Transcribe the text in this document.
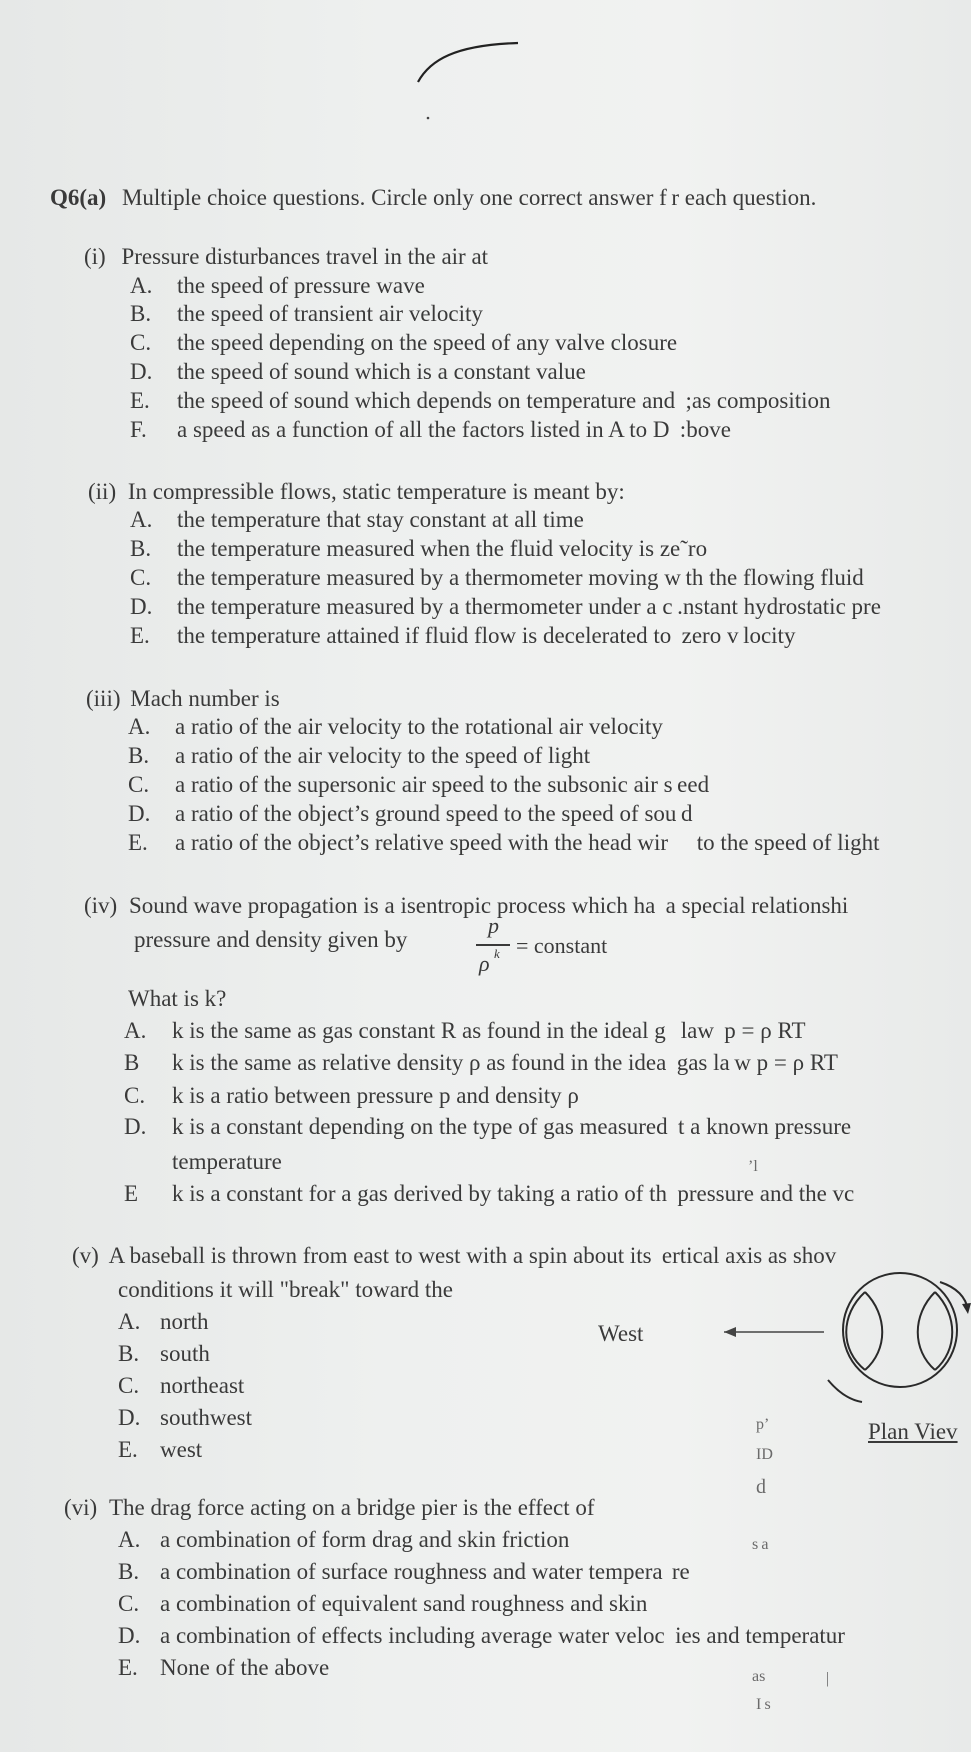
Q6(a) Multiple choice questions. Circle only one correct answer f r each question.
(i) Pressure disturbances travel in the air at
A. the speed of pressure wave
B. the speed of transient air velocity
C. the speed depending on the speed of any valve closure
D. the speed of sound which is a constant value
E. the speed of sound which depends on temperature and  ;as composition
F. a speed as a function of all the factors listed in A to D  :bove
(ii) In compressible flows, static temperature is meant by:
A. the temperature that stay constant at all time
B. the temperature measured when the fluid velocity is ze˜ro
C. the temperature measured by a thermometer moving w th the flowing fluid
D. the temperature measured by a thermometer under a c .nstant hydrostatic pre
E. the temperature attained if fluid flow is decelerated to  zero v locity
(iii) Mach number is
A. a ratio of the air velocity to the rotational air velocity
B. a ratio of the air velocity to the speed of light
C. a ratio of the supersonic air speed to the subsonic air s eed
D. a ratio of the object’s ground speed to the speed of sou d
E. a ratio of the object’s relative speed with the head wir  to the speed of light
(iv) Sound wave propagation is a isentropic process which ha  a special relationshi
pressure and density given by
p
ρ k = constant
What is k?
A. k is the same as gas constant R as found in the ideal g   law  p = ρ RT
B k is the same as relative density ρ as found in the idea  gas la w p = ρ RT
C. k is a ratio between pressure p and density ρ
D. k is a constant depending on the type of gas measured  t a known pressure
temperature
E k is a constant for a gas derived by taking a ratio of th  pressure and the vc
(v) A baseball is thrown from east to west with a spin about its  ertical axis as shov
conditions it will "break" toward the
A. north
B. south
C. northeast
D. southwest
E. west
West
Plan Viev
(vi) The drag force acting on a bridge pier is the effect of
A. a combination of form drag and skin friction
B. a combination of surface roughness and water tempera  re
C. a combination of equivalent sand roughness and skin
D. a combination of effects including average water veloc  ies and temperatur
E. None of the above
p’
ID
d
s a
as
I s
|
’l
